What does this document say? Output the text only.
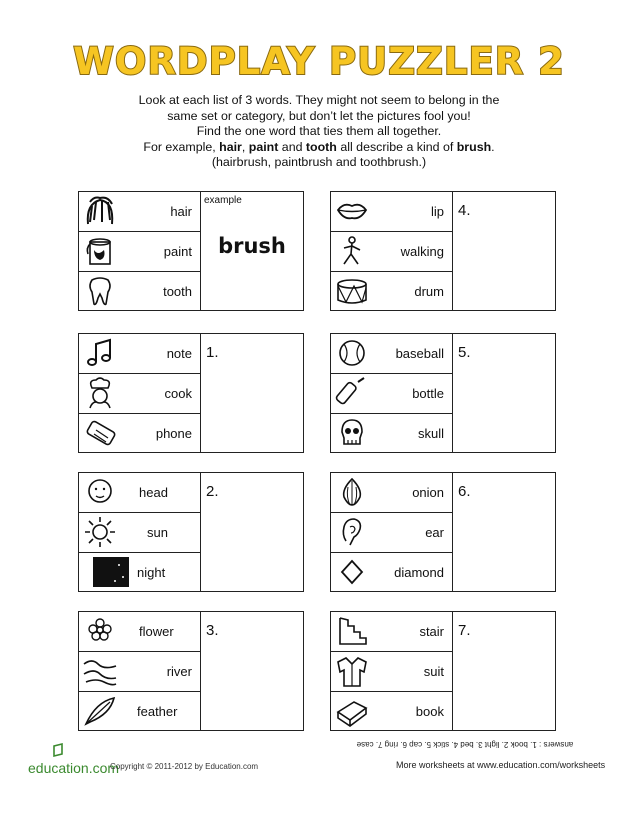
WORDPLAY PUZZLER 2
Look at each list of 3 words. They might not seem to belong in the
same set or category, but don’t let the pictures fool you!
Find the one word that ties them all together.
For example, hair, paint and tooth all describe a kind of brush.
(hairbrush, paintbrush and toothbrush.)
hair
paint
tooth
example
brush
note
cook
phone
1.
head
sun
night
2.
flower
river
feather
3.
lip
walking
drum
4.
baseball
bottle
skull
5.
onion
ear
diamond
6.
stair
suit
book
7.
answers : 1. book 2. light 3. bed 4. stick 5. cap 6. ring 7. case
education.com
Copyright © 2011-2012 by Education.com	More worksheets at www.education.com/worksheets
